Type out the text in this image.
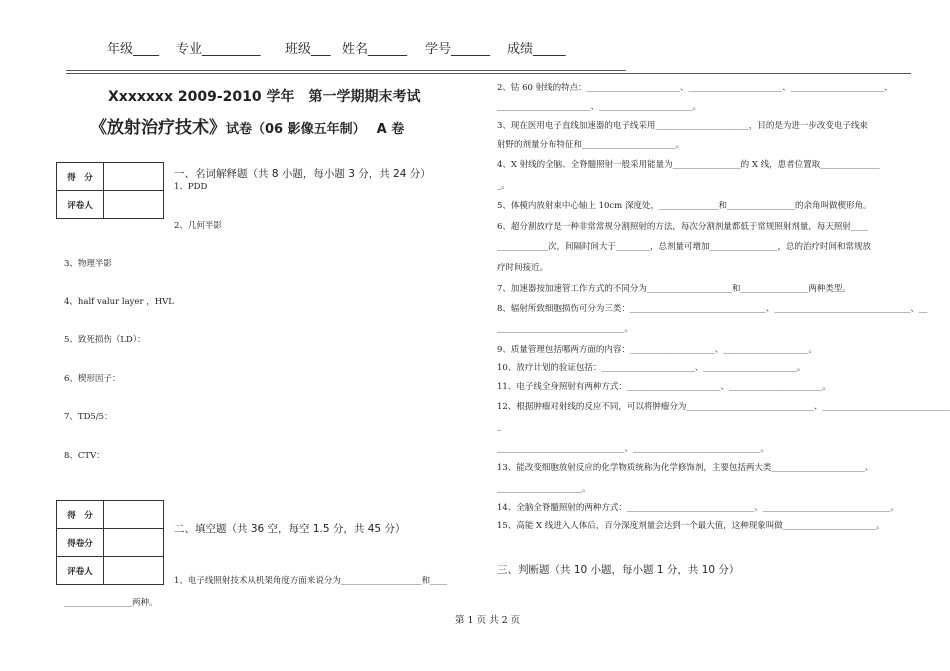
年级____ 专业_________ 班级___ 姓名______ 学号______ 成绩_____
Xxxxxxx 2009-2010 学年　第一学期期末考试
《放射治疗技术》试卷（06 影像五年制）　 A 卷
得　分	
评卷人	
一、名词解释题（共 8 小题，每小题 3 分，共 24 分）
1、PDD
2、几何半影
3、物理半影
4、half valur layer ，HVL
5、致死损伤（LD）：
6、楔形因子：
7、TD5/5：
8、CTV：
得　分	
得卷分	
评卷人	
二、填空题（共 36 空，每空 1.5 分，共 45 分）
1、电子线照射技术从机架角度方面来说分为___________________和____
________________两种。
2、钴 60 射线的特点：______________________、______________________、______________________、
______________________、______________________。
3、现在医用电子直线加速器的电子线采用______________________，目的是为进一步改变电子线束
射野的剂量分布特征和______________________。
4、X 射线的全脑、全脊髓照射一般采用能量为________________的 X 线，患者位置取______________
_。
5、体模内放射束中心轴上 10cm 深度处，______________和________________的余角叫做楔形角。
6、超分割放疗是一种非常常规分割照射的方法，每次分割剂量都低于常规照射剂量，每天照射____
____________次，间隔时间大于________，总剂量可增加________________，总的治疗时间和常规放
疗时间接近。
7、加速器按加速管工作方式的不同分为____________________和________________两种类型。
8、辐射所致细胞损伤可分为三类：________________________________、________________________________、__
______________________________。
9、质量管理包括哪两方面的内容：____________________、____________________。
10、放疗计划的验证包括：______________________、______________________。
11、电子线全身照射有两种方式：______________________、______________________。
12、根据肿瘤对射线的反应不同，可以将肿瘤分为______________________________、______________________________
_
______________________________、______________________________。
13、能改变细胞放射反应的化学物质统称为化学修饰剂，主要包括两大类______________________、
____________________。
14、全脑全脊髓照射的两种方式：______________________________、______________________________。
15、高能 X 线进入人体后，百分深度剂量会达到一个最大值，这种现象叫做______________________。
三、判断题（共 10 小题，每小题 1 分，共 10 分）
第 1 页 共 2 页
